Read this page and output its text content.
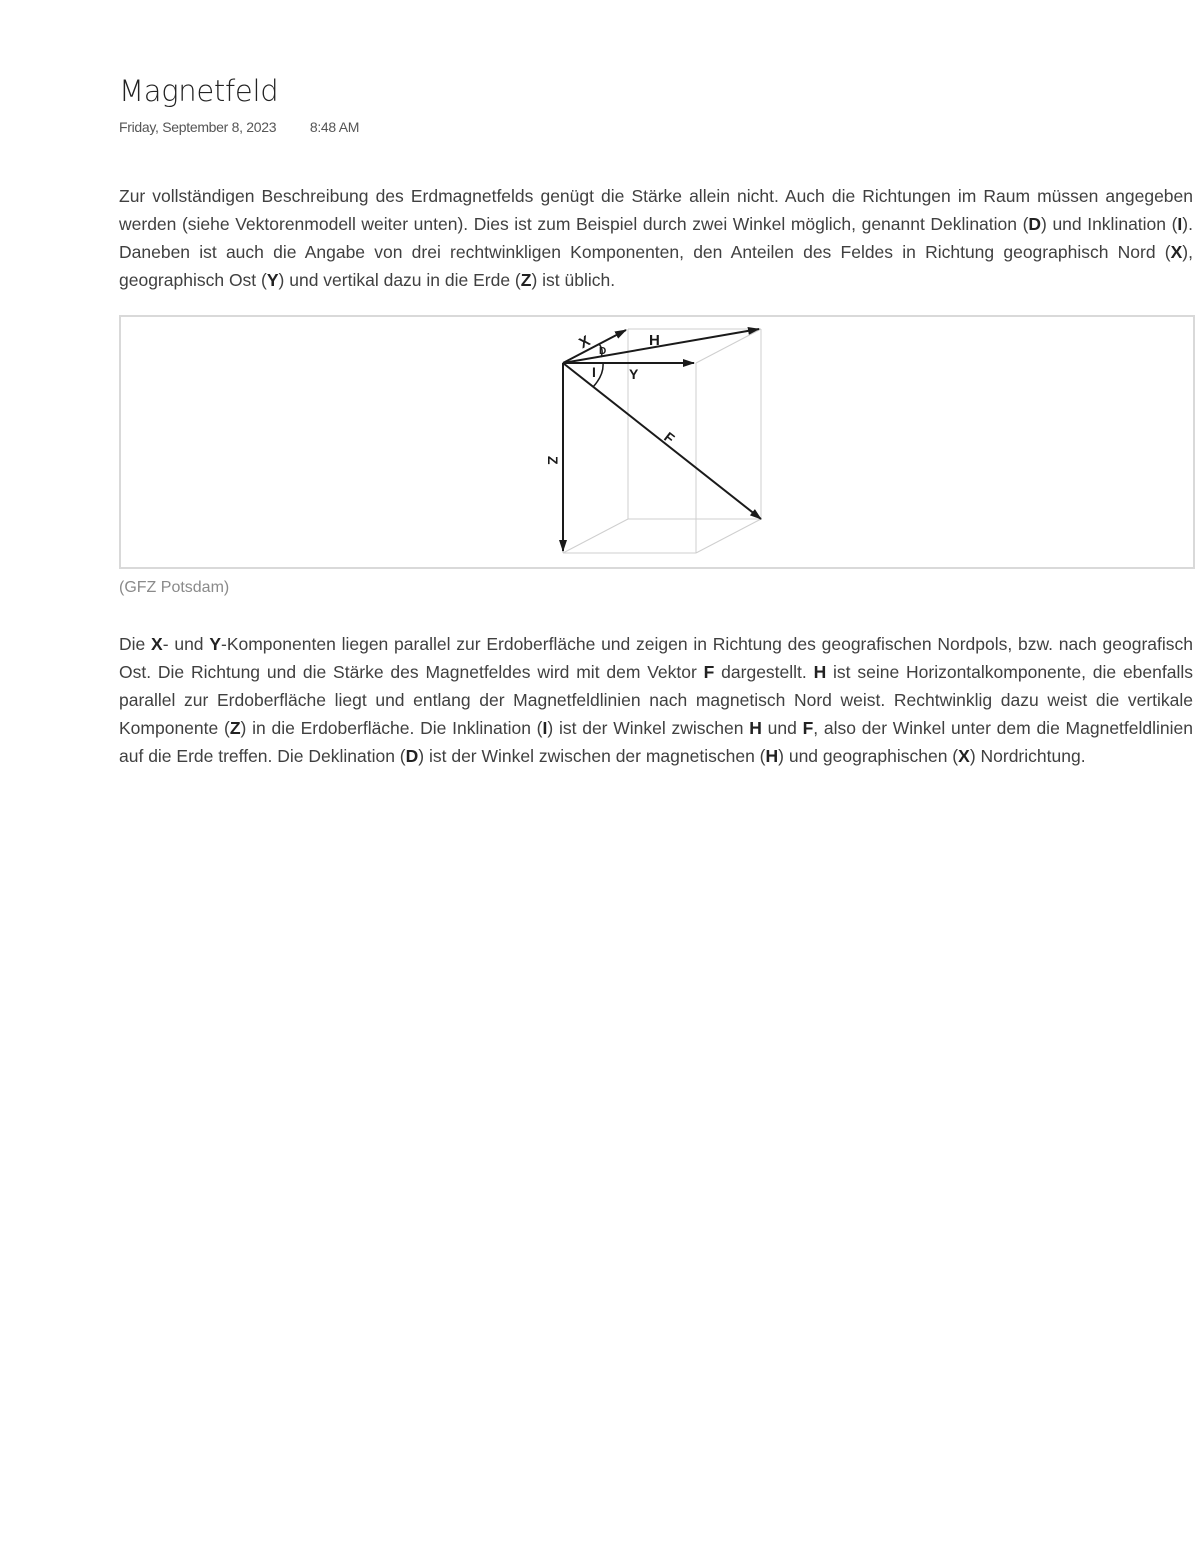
Magnetfeld
Friday, September 8, 2023 8:48 AM

Zur vollständigen Beschreibung des Erdmagnetfelds genügt die Stärke allein nicht. Auch die Richtungen im Raum müssen angegeben werden (siehe Vektorenmodell weiter unten). Dies ist zum Beispiel durch zwei Winkel möglich, genannt Deklination (D) und Inklination (I). Daneben ist auch die Angabe von drei rechtwinkligen Komponenten, den Anteilen des Feldes in Richtung geographisch Nord (X), geographisch Ost (Y) und vertikal dazu in die Erde (Z) ist üblich.

X D
H
I Y
F
Z
(GFZ Potsdam)

Die X- und Y-Komponenten liegen parallel zur Erdoberfläche und zeigen in Richtung des geografischen Nordpols, bzw. nach geografisch Ost. Die Richtung und die Stärke des Magnetfeldes wird mit dem Vektor F dargestellt. H ist seine Horizontalkomponente, die ebenfalls parallel zur Erdoberfläche liegt und entlang der Magnetfeldlinien nach magnetisch Nord weist. Rechtwinklig dazu weist die vertikale Komponente (Z) in die Erdoberfläche. Die Inklination (I) ist der Winkel zwischen H und F, also der Winkel unter dem die Magnetfeldlinien auf die Erde treffen. Die Deklination (D) ist der Winkel zwischen der magnetischen (H) und geographischen (X) Nordrichtung.
